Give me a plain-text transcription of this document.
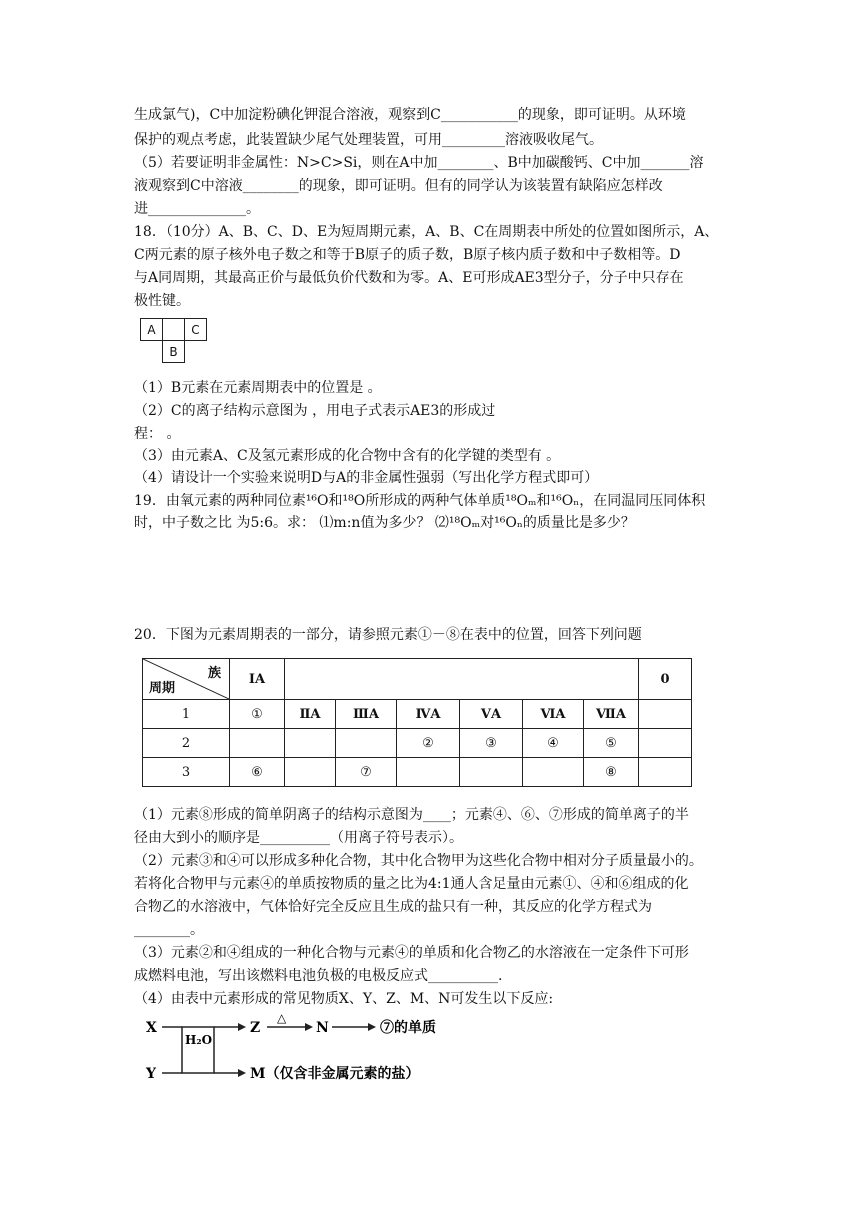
生成氯气)，C中加淀粉碘化钾混合溶液，观察到C___________的现象，即可证明。从环境
保护的观点考虑，此装置缺少尾气处理装置，可用_________溶液吸收尾气。
（5）若要证明非金属性：N>C>Si，则在A中加________、B中加碳酸钙、C中加_______溶
液观察到C中溶液________的现象，即可证明。但有的同学认为该装置有缺陷应怎样改
进______________。
18．（10分）A、B、C、D、E为短周期元素，A、B、C在周期表中所处的位置如图所示，A、
C两元素的原子核外电子数之和等于B原子的质子数，B原子核内质子数和中子数相等。D
与A同周期，其最高正价与最低负价代数和为零。A、E可形成AE3型分子，分子中只存在
极性键。
A	C
B
（1）B元素在元素周期表中的位置是 。
（2）C的离子结构示意图为 ，用电子式表示AE3的形成过
程： 。
（3）由元素A、C及氢元素形成的化合物中含有的化学键的类型有 。
（4）请设计一个实验来说明D与A的非金属性强弱（写出化学方程式即可）
19．由氧元素的两种同位素¹⁶O和¹⁸O所形成的两种气体单质¹⁸Oₘ和¹⁶Oₙ，在同温同压同体积
时，中子数之比 为5:6。求： ⑴m:n值为多少？ ⑵¹⁸Oₘ对¹⁶Oₙ的质量比是多少？
20．下图为元素周期表的一部分，请参照元素①－⑧在表中的位置，回答下列问题
族
周期	IA							0
1	①	ⅡA	ⅢA	ⅣA	ⅤA	ⅥA	ⅦA	
2				②	③	④	⑤	
3	⑥		⑦				⑧	
（1）元素⑧形成的简单阴离子的结构示意图为____；元素④、⑥、⑦形成的简单离子的半
径由大到小的顺序是__________（用离子符号表示）。
（2）元素③和④可以形成多种化合物，其中化合物甲为这些化合物中相对分子质量最小的。
若将化合物甲与元素④的单质按物质的量之比为4:1通人含足量由元素①、④和⑥组成的化
合物乙的水溶液中，气体恰好完全反应且生成的盐只有一种，其反应的化学方程式为
________。
（3）元素②和④组成的一种化合物与元素④的单质和化合物乙的水溶液在一定条件下可形
成燃料电池，写出该燃料电池负极的电极反应式__________.
（4）由表中元素形成的常见物质X、Y、Z、M、N可发生以下反应:
X
Y
H₂O
Z
△
N	⑦的单质
M（仅含非金属元素的盐）
